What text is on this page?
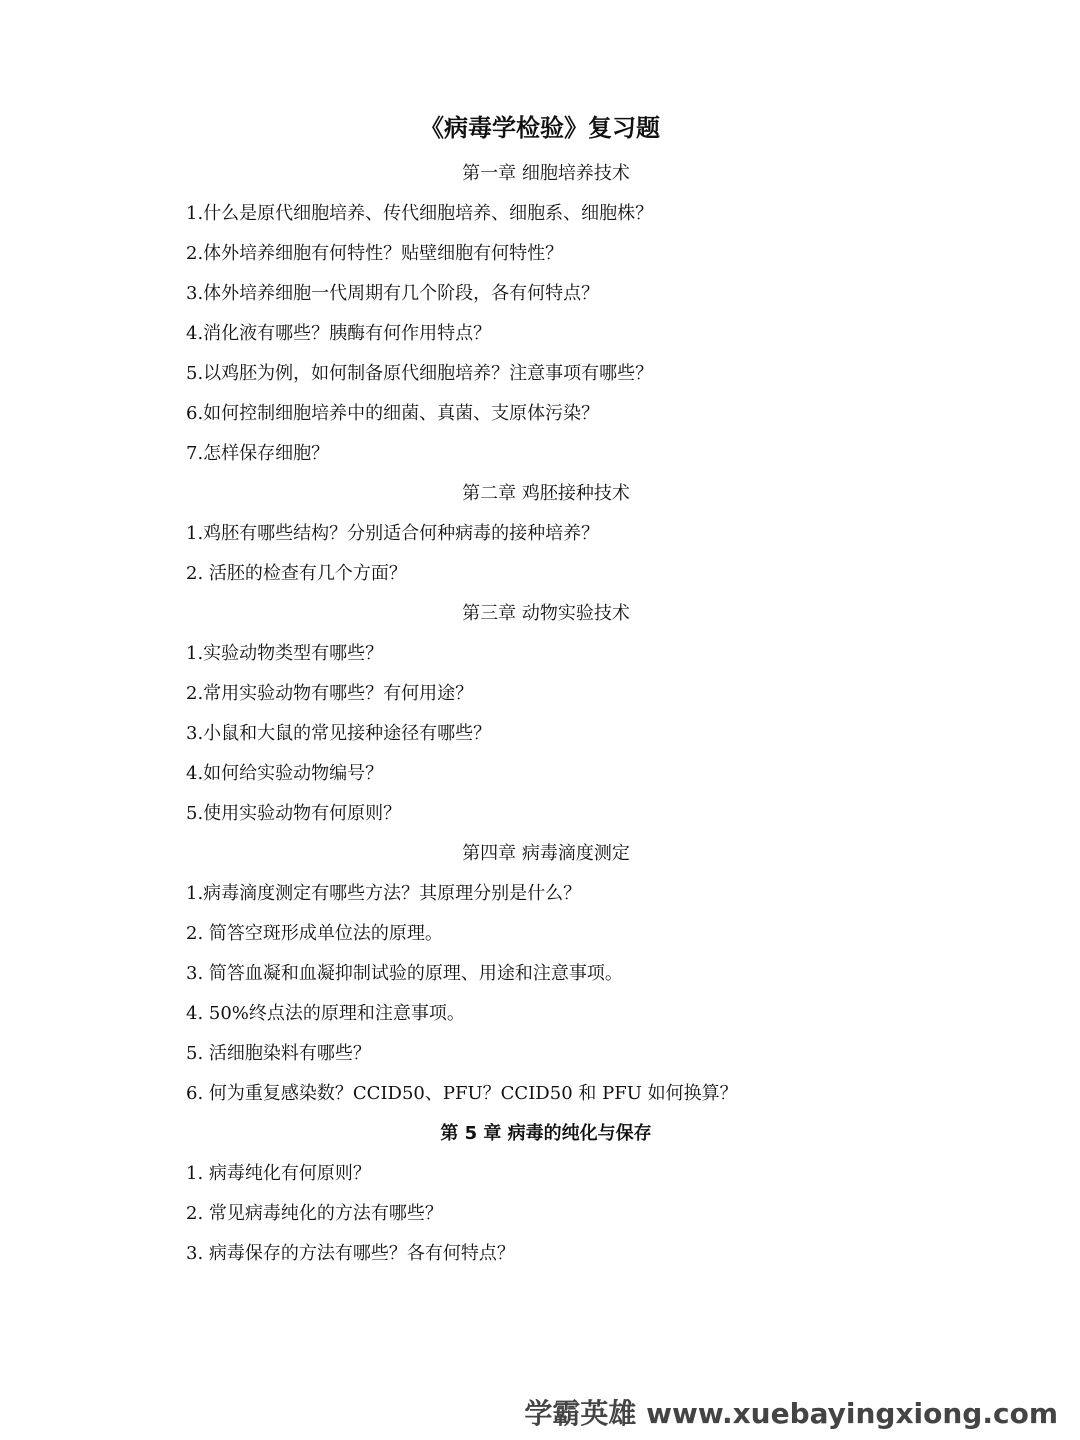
《病毒学检验》复习题
第一章 细胞培养技术
1.什么是原代细胞培养、传代细胞培养、细胞系、细胞株？
2.体外培养细胞有何特性？贴壁细胞有何特性？
3.体外培养细胞一代周期有几个阶段，各有何特点？
4.消化液有哪些？胰酶有何作用特点？
5.以鸡胚为例，如何制备原代细胞培养？注意事项有哪些？
6.如何控制细胞培养中的细菌、真菌、支原体污染？
7.怎样保存细胞？
第二章 鸡胚接种技术
1.鸡胚有哪些结构？分别适合何种病毒的接种培养？
2. 活胚的检查有几个方面？
第三章 动物实验技术
1.实验动物类型有哪些？
2.常用实验动物有哪些？有何用途？
3.小鼠和大鼠的常见接种途径有哪些？
4.如何给实验动物编号？
5.使用实验动物有何原则？
第四章 病毒滴度测定
1.病毒滴度测定有哪些方法？其原理分别是什么？
2. 简答空斑形成单位法的原理。
3. 简答血凝和血凝抑制试验的原理、用途和注意事项。
4. 50%终点法的原理和注意事项。
5. 活细胞染料有哪些？
6. 何为重复感染数？CCID50、PFU？CCID50 和 PFU 如何换算？
第 5 章 病毒的纯化与保存
1. 病毒纯化有何原则？
2. 常见病毒纯化的方法有哪些？
3. 病毒保存的方法有哪些？各有何特点？
学霸英雄 www.xuebayingxiong.com
